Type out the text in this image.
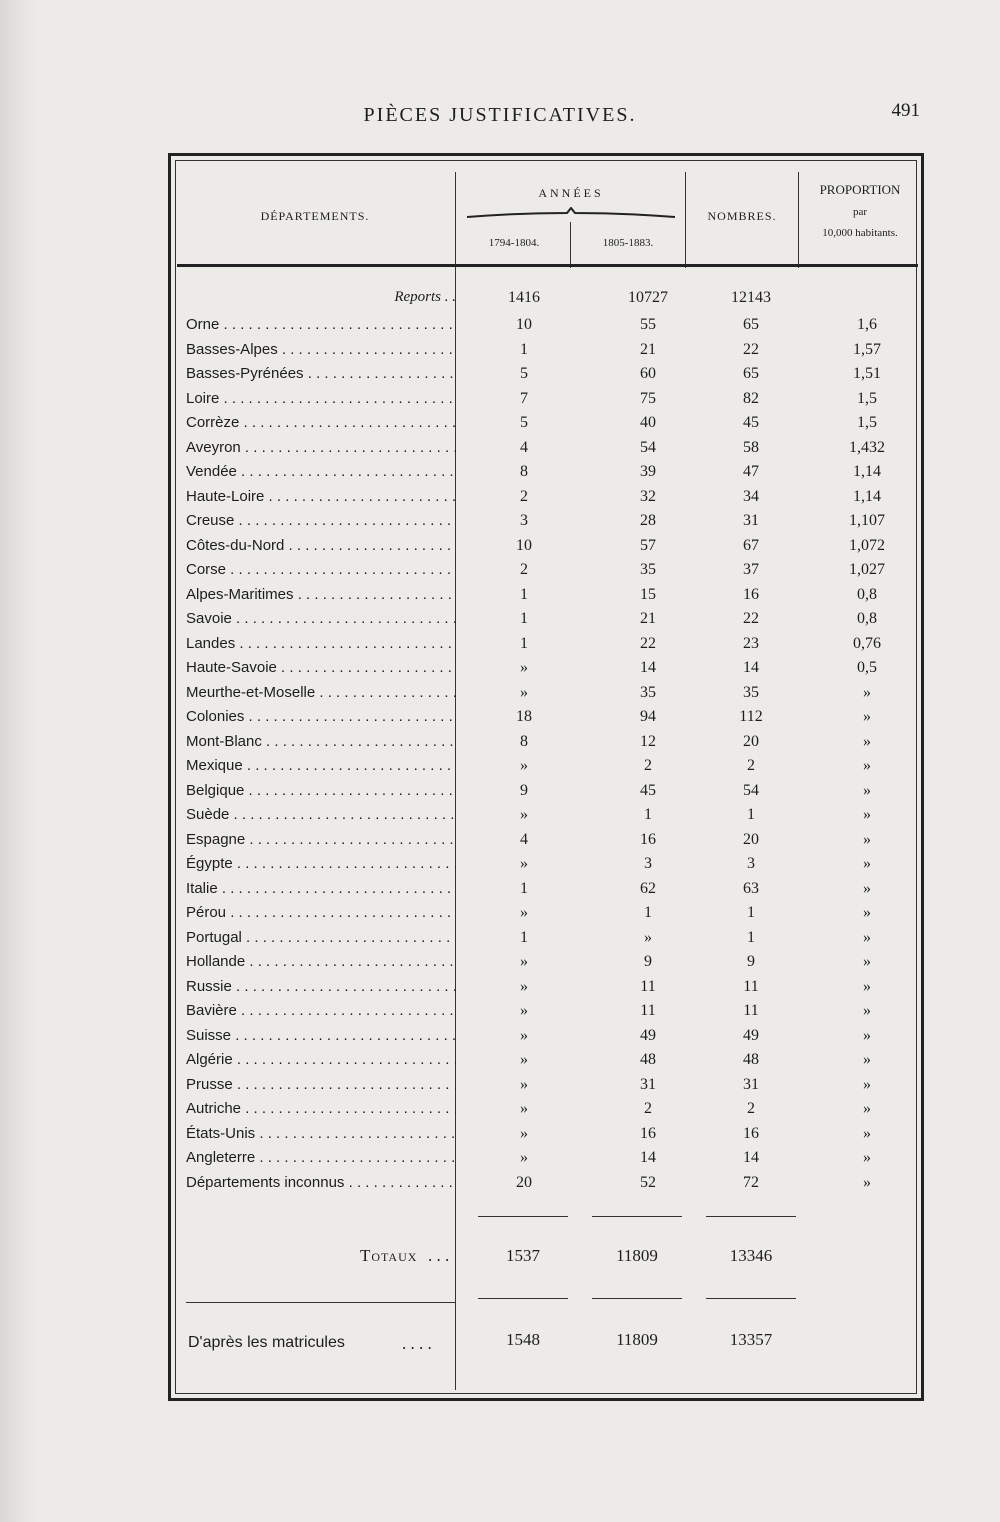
PIÈCES JUSTIFICATIVES.	491
DÉPARTEMENTS.
ANNÉES
1794-1804.	1805-1883.
NOMBRES.
PROPORTION
par
10,000 habitants.
Reports . .	1416	10727	12143
Orne . . .	10	55	65	1,6
Basses-Alpes . . .	1	21	22	1,57
Basses-Pyrénées . . .	5	60	65	1,51
Loire . . .	7	75	82	1,5
Corrèze . . .	5	40	45	1,5
Aveyron . . .	4	54	58	1,432
Vendée . . .	8	39	47	1,14
Haute-Loire . . .	2	32	34	1,14
Creuse . . .	3	28	31	1,107
Côtes-du-Nord . . .	10	57	67	1,072
Corse . . .	2	35	37	1,027
Alpes-Maritimes . . .	1	15	16	0,8
Savoie . . .	1	21	22	0,8
Landes . . .	1	22	23	0,76
Haute-Savoie . . .	»	14	14	0,5
Meurthe-et-Moselle . . .	»	35	35	»
Colonies . . .	18	94	112	»
Mont-Blanc . . .	8	12	20	»
Mexique . . .	»	2	2	»
Belgique . . .	9	45	54	»
Suède . . .	»	1	1	»
Espagne . . .	4	16	20	»
Égypte . . .	»	3	3	»
Italie . . .	1	62	63	»
Pérou . . .	»	1	1	»
Portugal . . .	1	»	1	»
Hollande . . .	»	9	9	»
Russie . . .	»	11	11	»
Bavière . . .	»	11	11	»
Suisse . . .	»	49	49	»
Algérie . . .	»	48	48	»
Prusse . . .	»	31	31	»
Autriche . . .	»	2	2	»
États-Unis . . .	»	16	16	»
Angleterre . . .	»	14	14	»
Départements inconnus . . .	20	52	72	»
Totaux . . .	1537	11809	13346
D'après les matricules	. . . .	1548	11809	13357
